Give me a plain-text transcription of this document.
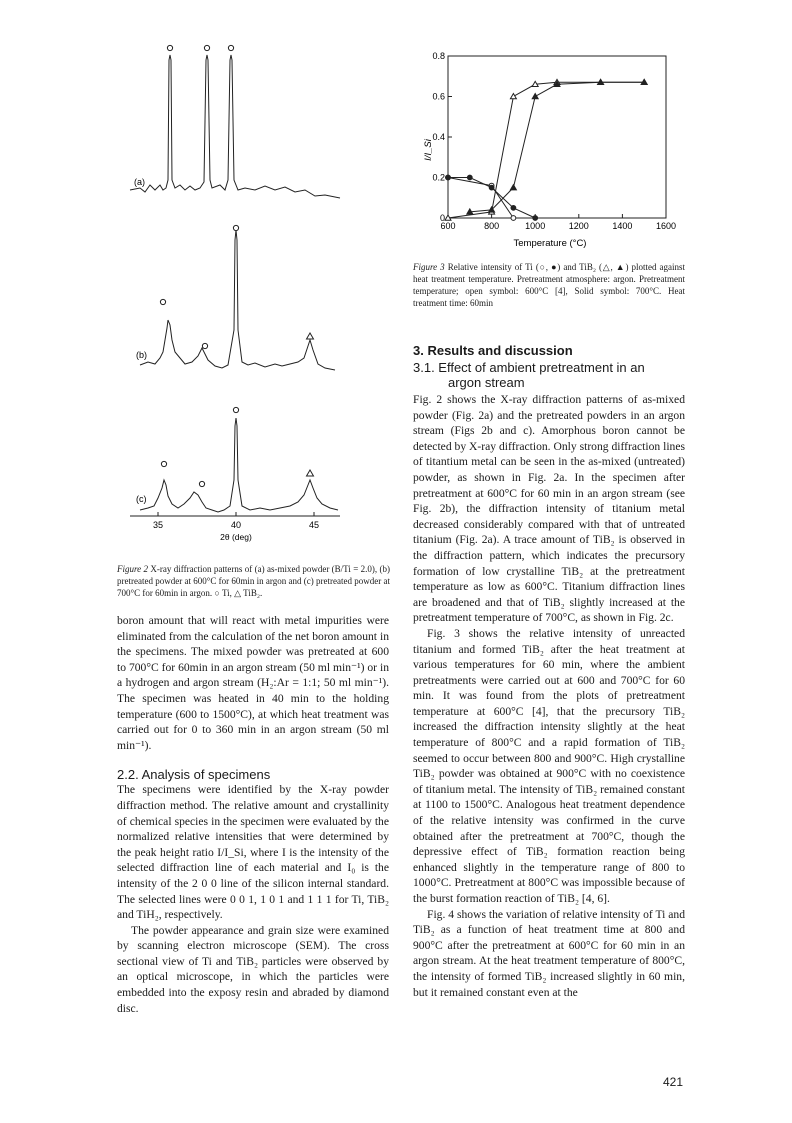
(a)
(b)
(c)
35	40	45
2θ (deg)

Figure 2 X-ray diffraction patterns of (a) as-mixed powder (B/Ti = 2.0), (b) pretreated powder at 600°C for 60min in argon and (c) pretreated powder at 700°C for 60min in argon. ○ Ti, △ TiB₂.

0
0.2
0.4
0.6
0.8
600	800	1000	1200	1400	1600
I/I_Si
Temperature (°C)

Figure 3 Relative intensity of Ti (○, ●) and TiB₂ (△, ▲) plotted against heat treatment temperature. Pretreatment atmosphere: argon. Pretreatment temperature; open symbol: 600°C [4], Solid symbol: 700°C. Heat treatment time: 60min

3. Results and discussion

3.1. Effect of ambient pretreatment in an

argon stream

Fig. 2 shows the X-ray diffraction patterns of as-mixed powder (Fig. 2a) and the pretreated powders in an argon stream (Figs 2b and c). Amorphous boron cannot be detected by X-ray diffraction. Only strong diffraction lines of titantium metal can be seen in the as-mixed (untreated) powder, as shown in Fig. 2a. In the specimen after pretreatment at 600°C for 60 min in an argon stream (see Fig. 2b), the diffraction intensity of titanium metal decreased considerably compared with that of untreated titanium (Fig. 2a). A trace amount of TiB₂ is observed in the diffraction pattern, which indicates the precursory formation of low crystalline TiB₂ at the pretreatment temperature as low as 600°C. Titanium diffraction lines are broadened and that of TiB₂ slightly increased at the pretreatment temperature of 700°C, as shown in Fig. 2c.

Fig. 3 shows the relative intensity of unreacted titanium and formed TiB₂ after the heat treatment at various temperatures for 60 min, where the ambient pretreatments were carried out at 600 and 700°C for 60 min. It was found from the plots of pretreatment temperature at 600°C [4], that the precursory TiB₂ increased the diffraction intensity slightly at the heat temperature of 800°C and a rapid formation of TiB₂ seemed to occur between 800 and 900°C. High crystalline TiB₂ powder was obtained at 900°C with no coexistence of titanium metal. The intensity of TiB₂ remained constant at 1100 to 1500°C. Analogous heat treatment dependence of the relative intensity was confirmed in the curve obtained after the pretreatment at 700°C, though the depressive effect of TiB₂ formation reaction being enhanced slightly in the temperature range of 800 to 1000°C. Pretreatment at 800°C was impossible because of the burst formation reaction of TiB₂ [4, 6].

Fig. 4 shows the variation of relative intensity of Ti and TiB₂ as a function of heat treatment time at 800 and 900°C after the pretreatment at 600°C for 60 min in an argon stream. At the heat treatment temperature of 800°C, the intensity of formed TiB₂ increased slightly in 60 min, but it remained constant even at the

boron amount that will react with metal impurities were eliminated from the calculation of the net boron amount in the specimens. The mixed powder was pretreated at 600 to 700°C for 60min in an argon stream (50 ml min⁻¹) or in a hydrogen and argon stream (H₂:Ar = 1:1; 50 ml min⁻¹). The specimen was heated in 40 min to the holding temperature (600 to 1500°C), at which heat treatment was carried out for 0 to 360 min in an argon stream (50 ml min⁻¹).

2.2. Analysis of specimens

The specimens were identified by the X-ray powder diffraction method. The relative amount and crystallinity of chemical species in the specimen were evaluated by the normalized relative intensities that were determined by the peak height ratio I/I_Si, where I is the intensity of the selected diffraction line of each material and I₀ is the intensity of the 2 0 0 line of the silicon internal standard. The selected lines were 0 0 1, 1 0 1 and 1 1 1 for Ti, TiB₂ and TiH₂, respectively.

The powder appearance and grain size were examined by scanning electron microscope (SEM). The cross sectional view of Ti and TiB₂ particles were observed by an optical microscope, in which the particles were embedded into the exposy resin and abraded by diamond disc.

421
